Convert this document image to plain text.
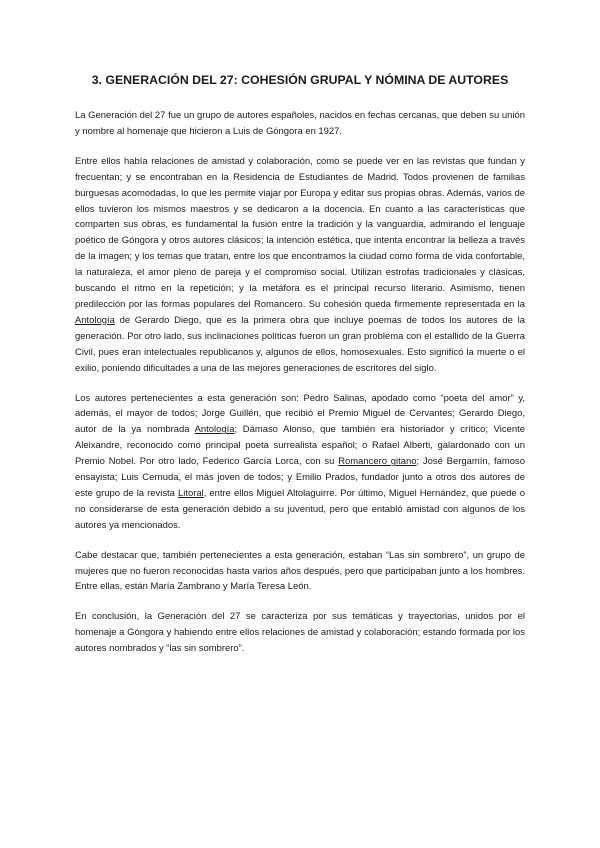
3. GENERACIÓN DEL 27: COHESIÓN GRUPAL Y NÓMINA DE AUTORES

La Generación del 27 fue un grupo de autores españoles, nacidos en fechas cercanas, que deben su unión y nombre al homenaje que hicieron a Luis de Góngora en 1927.

Entre ellos había relaciones de amistad y colaboración, como se puede ver en las revistas que fundan y frecuentan; y se encontraban en la Residencia de Estudiantes de Madrid. Todos provienen de familias burguesas acomodadas, lo que les permite viajar por Europa y editar sus propias obras. Además, varios de ellos tuvieron los mismos maestros y se dedicaron a la docencia. En cuanto a las características que comparten sus obras, es fundamental la fusión entre la tradición y la vanguardia, admirando el lenguaje poético de Góngora y otros autores clásicos; la intención estética, que intenta encontrar la belleza a través de la imagen; y los temas que tratan, entre los que encontramos la ciudad como forma de vida confortable, la naturaleza, el amor pleno de pareja y el compromiso social. Utilizan estrofas tradicionales y clásicas, buscando el ritmo en la repetición; y la metáfora es el principal recurso literario. Asimismo, tienen predilección por las formas populares del Romancero. Su cohesión queda firmemente representada en la Antología de Gerardo Diego, que es la primera obra que incluye poemas de todos los autores de la generación. Por otro lado, sus inclinaciones políticas fueron un gran problema con el estallido de la Guerra Civil, pues eran intelectuales republicanos y, algunos de ellos, homosexuales. Esto significó la muerte o el exilio, poniendo dificultades a una de las mejores generaciones de escritores del siglo.

Los autores pertenecientes a esta generación son: Pedro Salinas, apodado como “poeta del amor” y, además, el mayor de todos; Jorge Guillén, que recibió el Premio Miguel de Cervantes; Gerardo Diego, autor de la ya nombrada Antología; Dámaso Alonso, que también era historiador y crítico; Vicente Aleixandre, reconocido como principal poeta surrealista español; o Rafael Alberti, galardonado con un Premio Nobel. Por otro lado, Federico García Lorca, con su Romancero gitano; José Bergamín, famoso ensayista; Luis Cernuda, el más joven de todos; y Emilio Prados, fundador junto a otros dos autores de este grupo de la revista Litoral, entre ellos Miguel Altolaguirre. Por último, Miguel Hernández, que puede o no considerarse de esta generación debido a su juventud, pero que entabló amistad con algunos de los autores ya mencionados.

Cabe destacar que, también pertenecientes a esta generación, estaban “Las sin sombrero”, un grupo de mujeres que no fueron reconocidas hasta varios años después, pero que participaban junto a los hombres. Entre ellas, están María Zambrano y María Teresa León.

En conclusión, la Generación del 27 se caracteriza por sus temáticas y trayectorias, unidos por el homenaje a Góngora y habiendo entre ellos relaciones de amistad y colaboración; estando formada por los autores nombrados y “las sin sombrero”.
